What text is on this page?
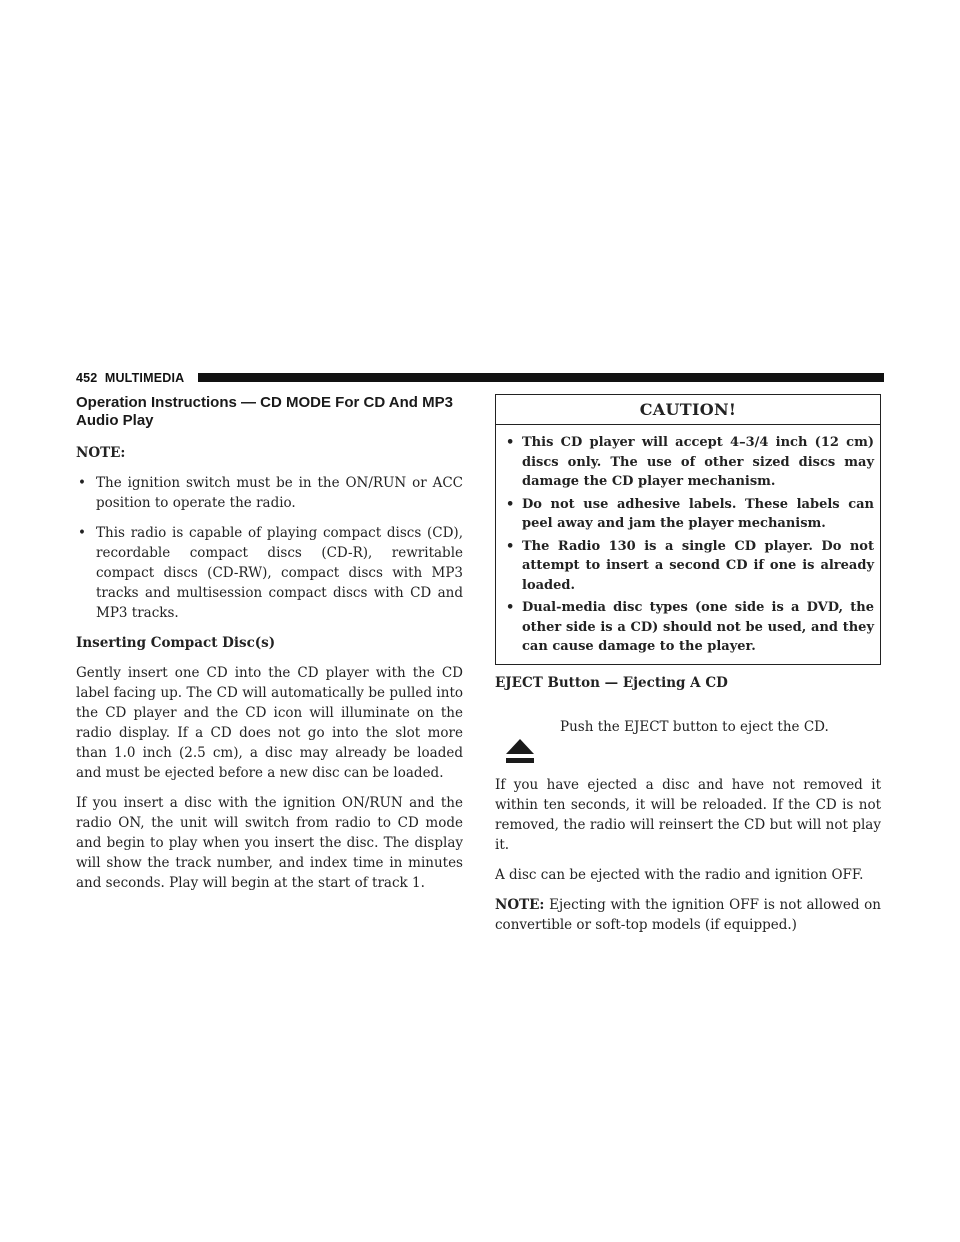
452 MULTIMEDIA
Operation Instructions — CD MODE For CD And MP3 Audio Play
NOTE:
• The ignition switch must be in the ON/RUN or ACC position to operate the radio.
• This radio is capable of playing compact discs (CD), recordable compact discs (CD-R), rewritable compact discs (CD-RW), compact discs with MP3 tracks and multisession compact discs with CD and MP3 tracks.
Inserting Compact Disc(s)

Gently insert one CD into the CD player with the CD label facing up. The CD will automatically be pulled into the CD player and the CD icon will illuminate on the radio display. If a CD does not go into the slot more than 1.0 inch (2.5 cm), a disc may already be loaded and must be ejected before a new disc can be loaded.

If you insert a disc with the ignition ON/RUN and the radio ON, the unit will switch from radio to CD mode and begin to play when you insert the disc. The display will show the track number, and index time in minutes and seconds. Play will begin at the start of track 1.

CAUTION!
• This CD player will accept 4–3/4 inch (12 cm) discs only. The use of other sized discs may damage the CD player mechanism.
• Do not use adhesive labels. These labels can peel away and jam the player mechanism.
• The Radio 130 is a single CD player. Do not attempt to insert a second CD if one is already loaded.
• Dual-media disc types (one side is a DVD, the other side is a CD) should not be used, and they can cause damage to the player.
EJECT Button — Ejecting A CD
Push the EJECT button to eject the CD.

If you have ejected a disc and have not removed it within ten seconds, it will be reloaded. If the CD is not removed, the radio will reinsert the CD but will not play it.

A disc can be ejected with the radio and ignition OFF.

NOTE: Ejecting with the ignition OFF is not allowed on convertible or soft-top models (if equipped.)
